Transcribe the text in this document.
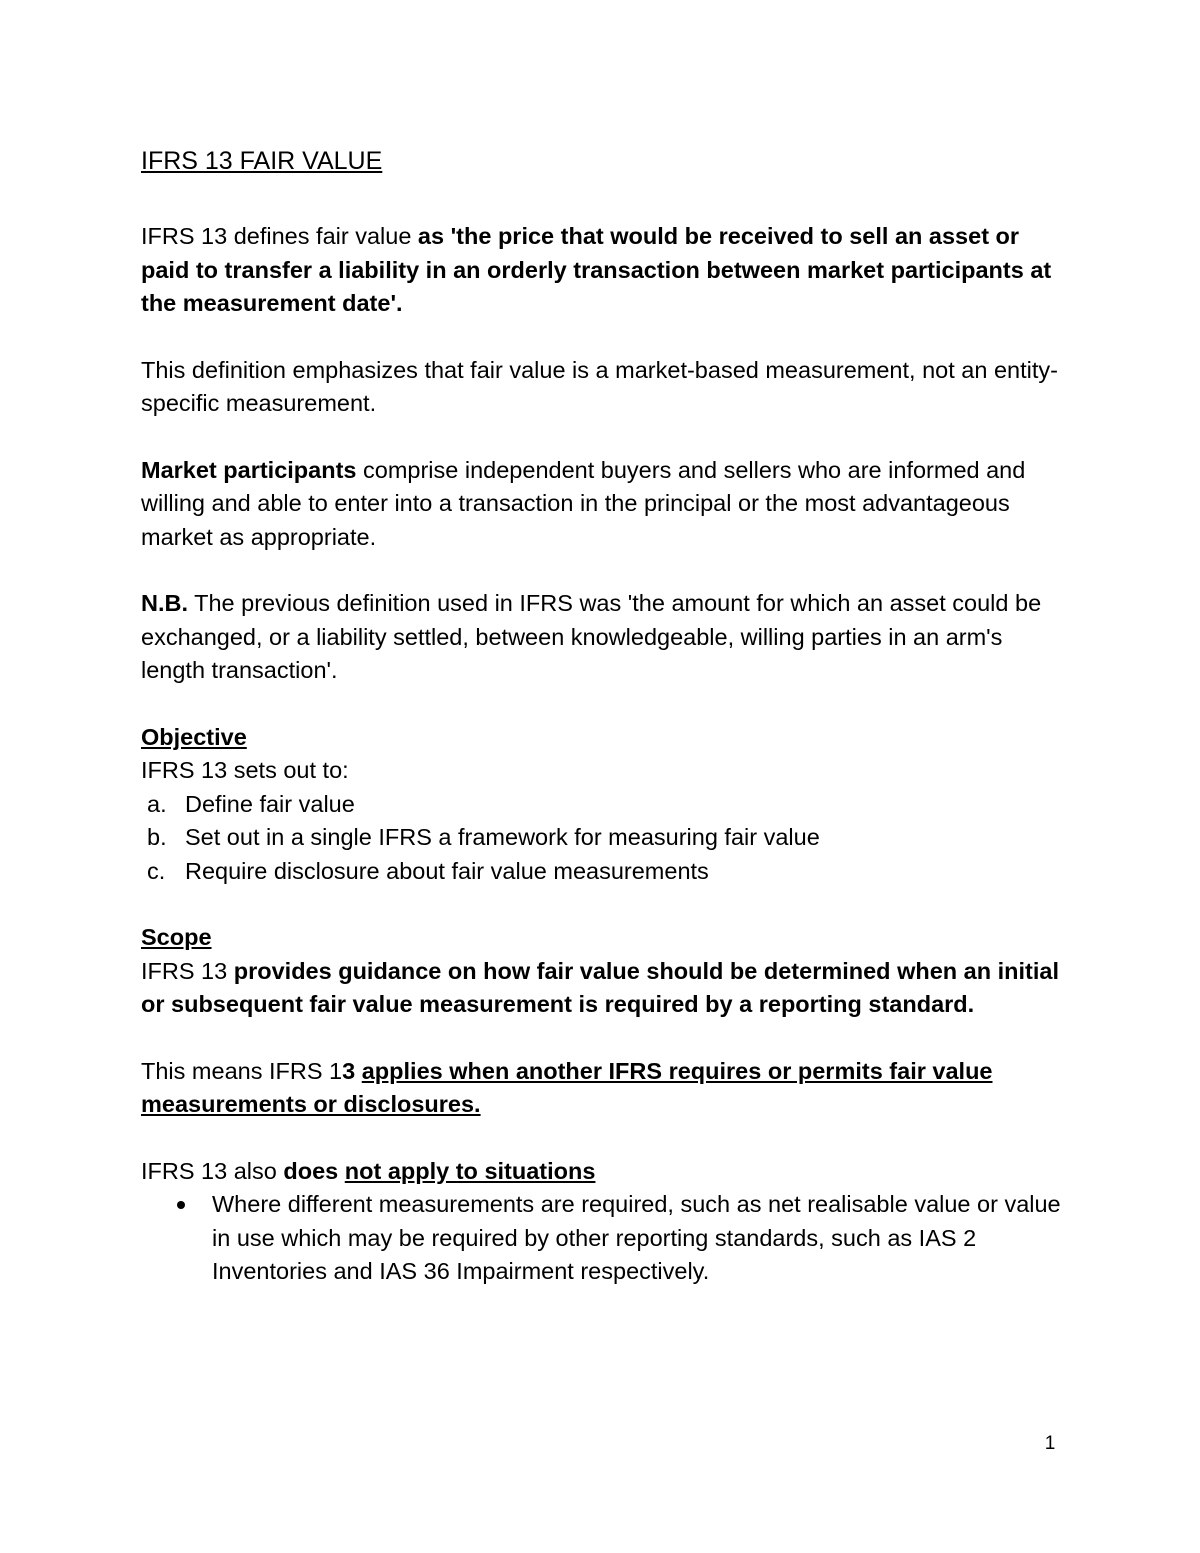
IFRS 13 FAIR VALUE

IFRS 13 defines fair value as 'the price that would be received to sell an asset or paid to transfer a liability in an orderly transaction between market participants at the measurement date'.

This definition emphasizes that fair value is a market-based measurement, not an entity-specific measurement.

Market participants comprise independent buyers and sellers who are informed and willing and able to enter into a transaction in the principal or the most advantageous market as appropriate.

N.B. The previous definition used in IFRS was 'the amount for which an asset could be exchanged, or a liability settled, between knowledgeable, willing parties in an arm's length transaction'.

Objective

IFRS 13 sets out to:

a. Define fair value
b. Set out in a single IFRS a framework for measuring fair value
c. Require disclosure about fair value measurements

Scope

IFRS 13 provides guidance on how fair value should be determined when an initial or subsequent fair value measurement is required by a reporting standard.

This means IFRS 13 applies when another IFRS requires or permits fair value measurements or disclosures.

IFRS 13 also does not apply to situations

Where different measurements are required, such as net realisable value or value in use which may be required by other reporting standards, such as IAS 2 Inventories and IAS 36 Impairment respectively.
1
